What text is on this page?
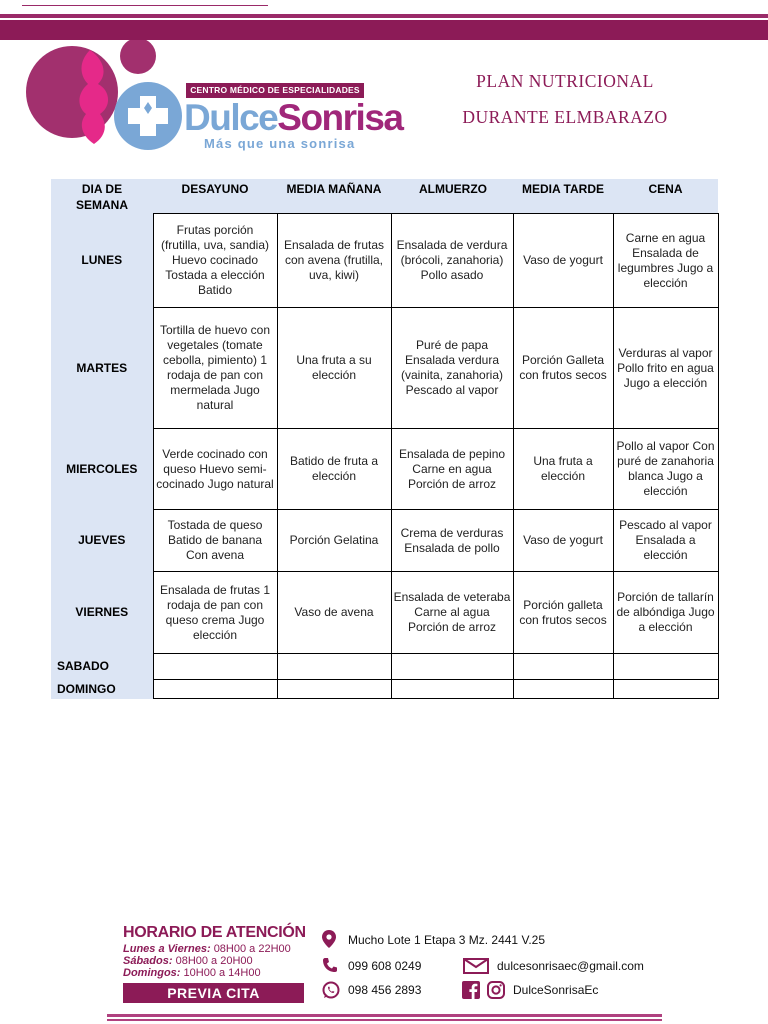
CENTRO MÉDICO DE ESPECIALIDADES
DulceSonrisa
Más que una sonrisa
PLAN NUTRICIONAL
DURANTE ELMBARAZO
DIA DE SEMANA	DESAYUNO	MEDIA MAÑANA	ALMUERZO	MEDIA TARDE	CENA
LUNES	Frutas porción (frutilla, uva, sandia) Huevo cocinado Tostada a elección Batido	Ensalada de frutas con avena (frutilla, uva, kiwi)	Ensalada de verdura (brócoli, zanahoria) Pollo asado	Vaso de yogurt	Carne en agua Ensalada de legumbres Jugo a elección
MARTES	Tortilla de huevo con vegetales (tomate cebolla, pimiento) 1 rodaja de pan con mermelada Jugo natural	Una fruta a su elección	Puré de papa Ensalada verdura (vainita, zanahoria) Pescado al vapor	Porción Galleta con frutos secos	Verduras al vapor Pollo frito en agua Jugo a elección
MIERCOLES	Verde cocinado con queso Huevo semi-cocinado Jugo natural	Batido de fruta a elección	Ensalada de pepino Carne en agua Porción de arroz	Una fruta a elección	Pollo al vapor Con puré de zanahoria blanca Jugo a elección
JUEVES	Tostada de queso Batido de banana Con avena	Porción Gelatina	Crema de verduras Ensalada de pollo	Vaso de yogurt	Pescado al vapor Ensalada a elección
VIERNES	Ensalada de frutas 1 rodaja de pan con queso crema Jugo elección	Vaso de avena	Ensalada de veteraba Carne al agua Porción de arroz	Porción galleta con frutos secos	Porción de tallarín de albóndiga Jugo a elección
SABADO					
DOMINGO					
HORARIO DE ATENCIÓN
Lunes a Viernes: 08H00 a 22H00
Sábados: 08H00 a 20H00
Domingos: 10H00 a 14H00
PREVIA CITA
Mucho Lote 1 Etapa 3 Mz. 2441 V.25
099 608 0249	dulcesonrisaec@gmail.com
098 456 2893	DulceSonrisaEc
